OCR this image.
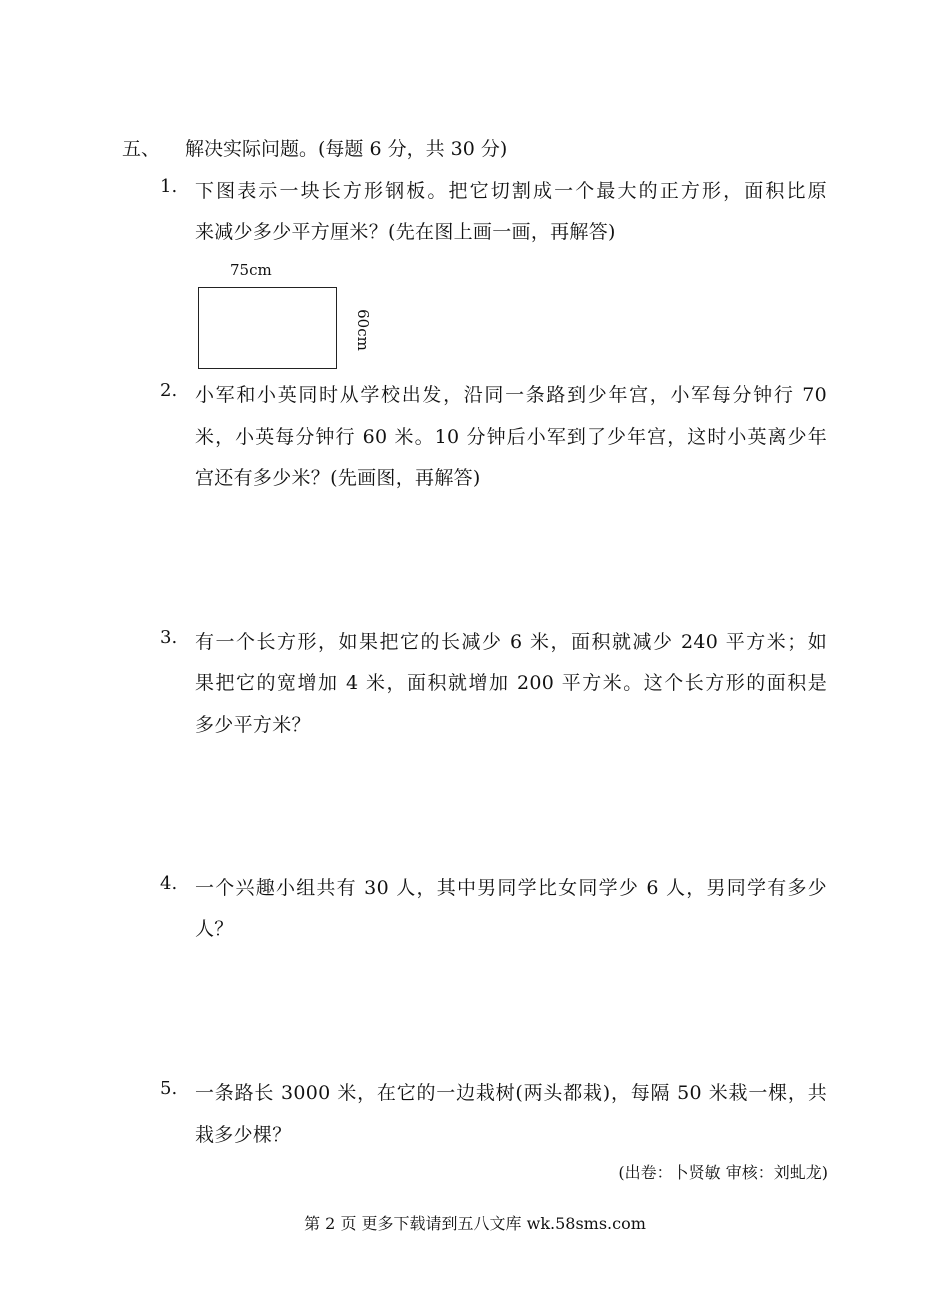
五、 解决实际问题。(每题 6 分，共 30 分)
1. 下图表示一块长方形钢板。把它切割成一个最大的正方形，面积比原
来减少多少平方厘米？(先在图上画一画，再解答)
75cm
60cm
2. 小军和小英同时从学校出发，沿同一条路到少年宫，小军每分钟行 70
米，小英每分钟行 60 米。10 分钟后小军到了少年宫，这时小英离少年
宫还有多少米？(先画图，再解答)
3. 有一个长方形，如果把它的长减少 6 米，面积就减少 240 平方米；如
果把它的宽增加 4 米，面积就增加 200 平方米。这个长方形的面积是
多少平方米？
4. 一个兴趣小组共有 30 人，其中男同学比女同学少 6 人，男同学有多少
人？
5. 一条路长 3000 米，在它的一边栽树(两头都栽)，每隔 50 米栽一棵，共
栽多少棵？
(出卷：卜贤敏 审核：刘虬龙)
第 2 页 更多下载请到五八文库 wk.58sms.com
